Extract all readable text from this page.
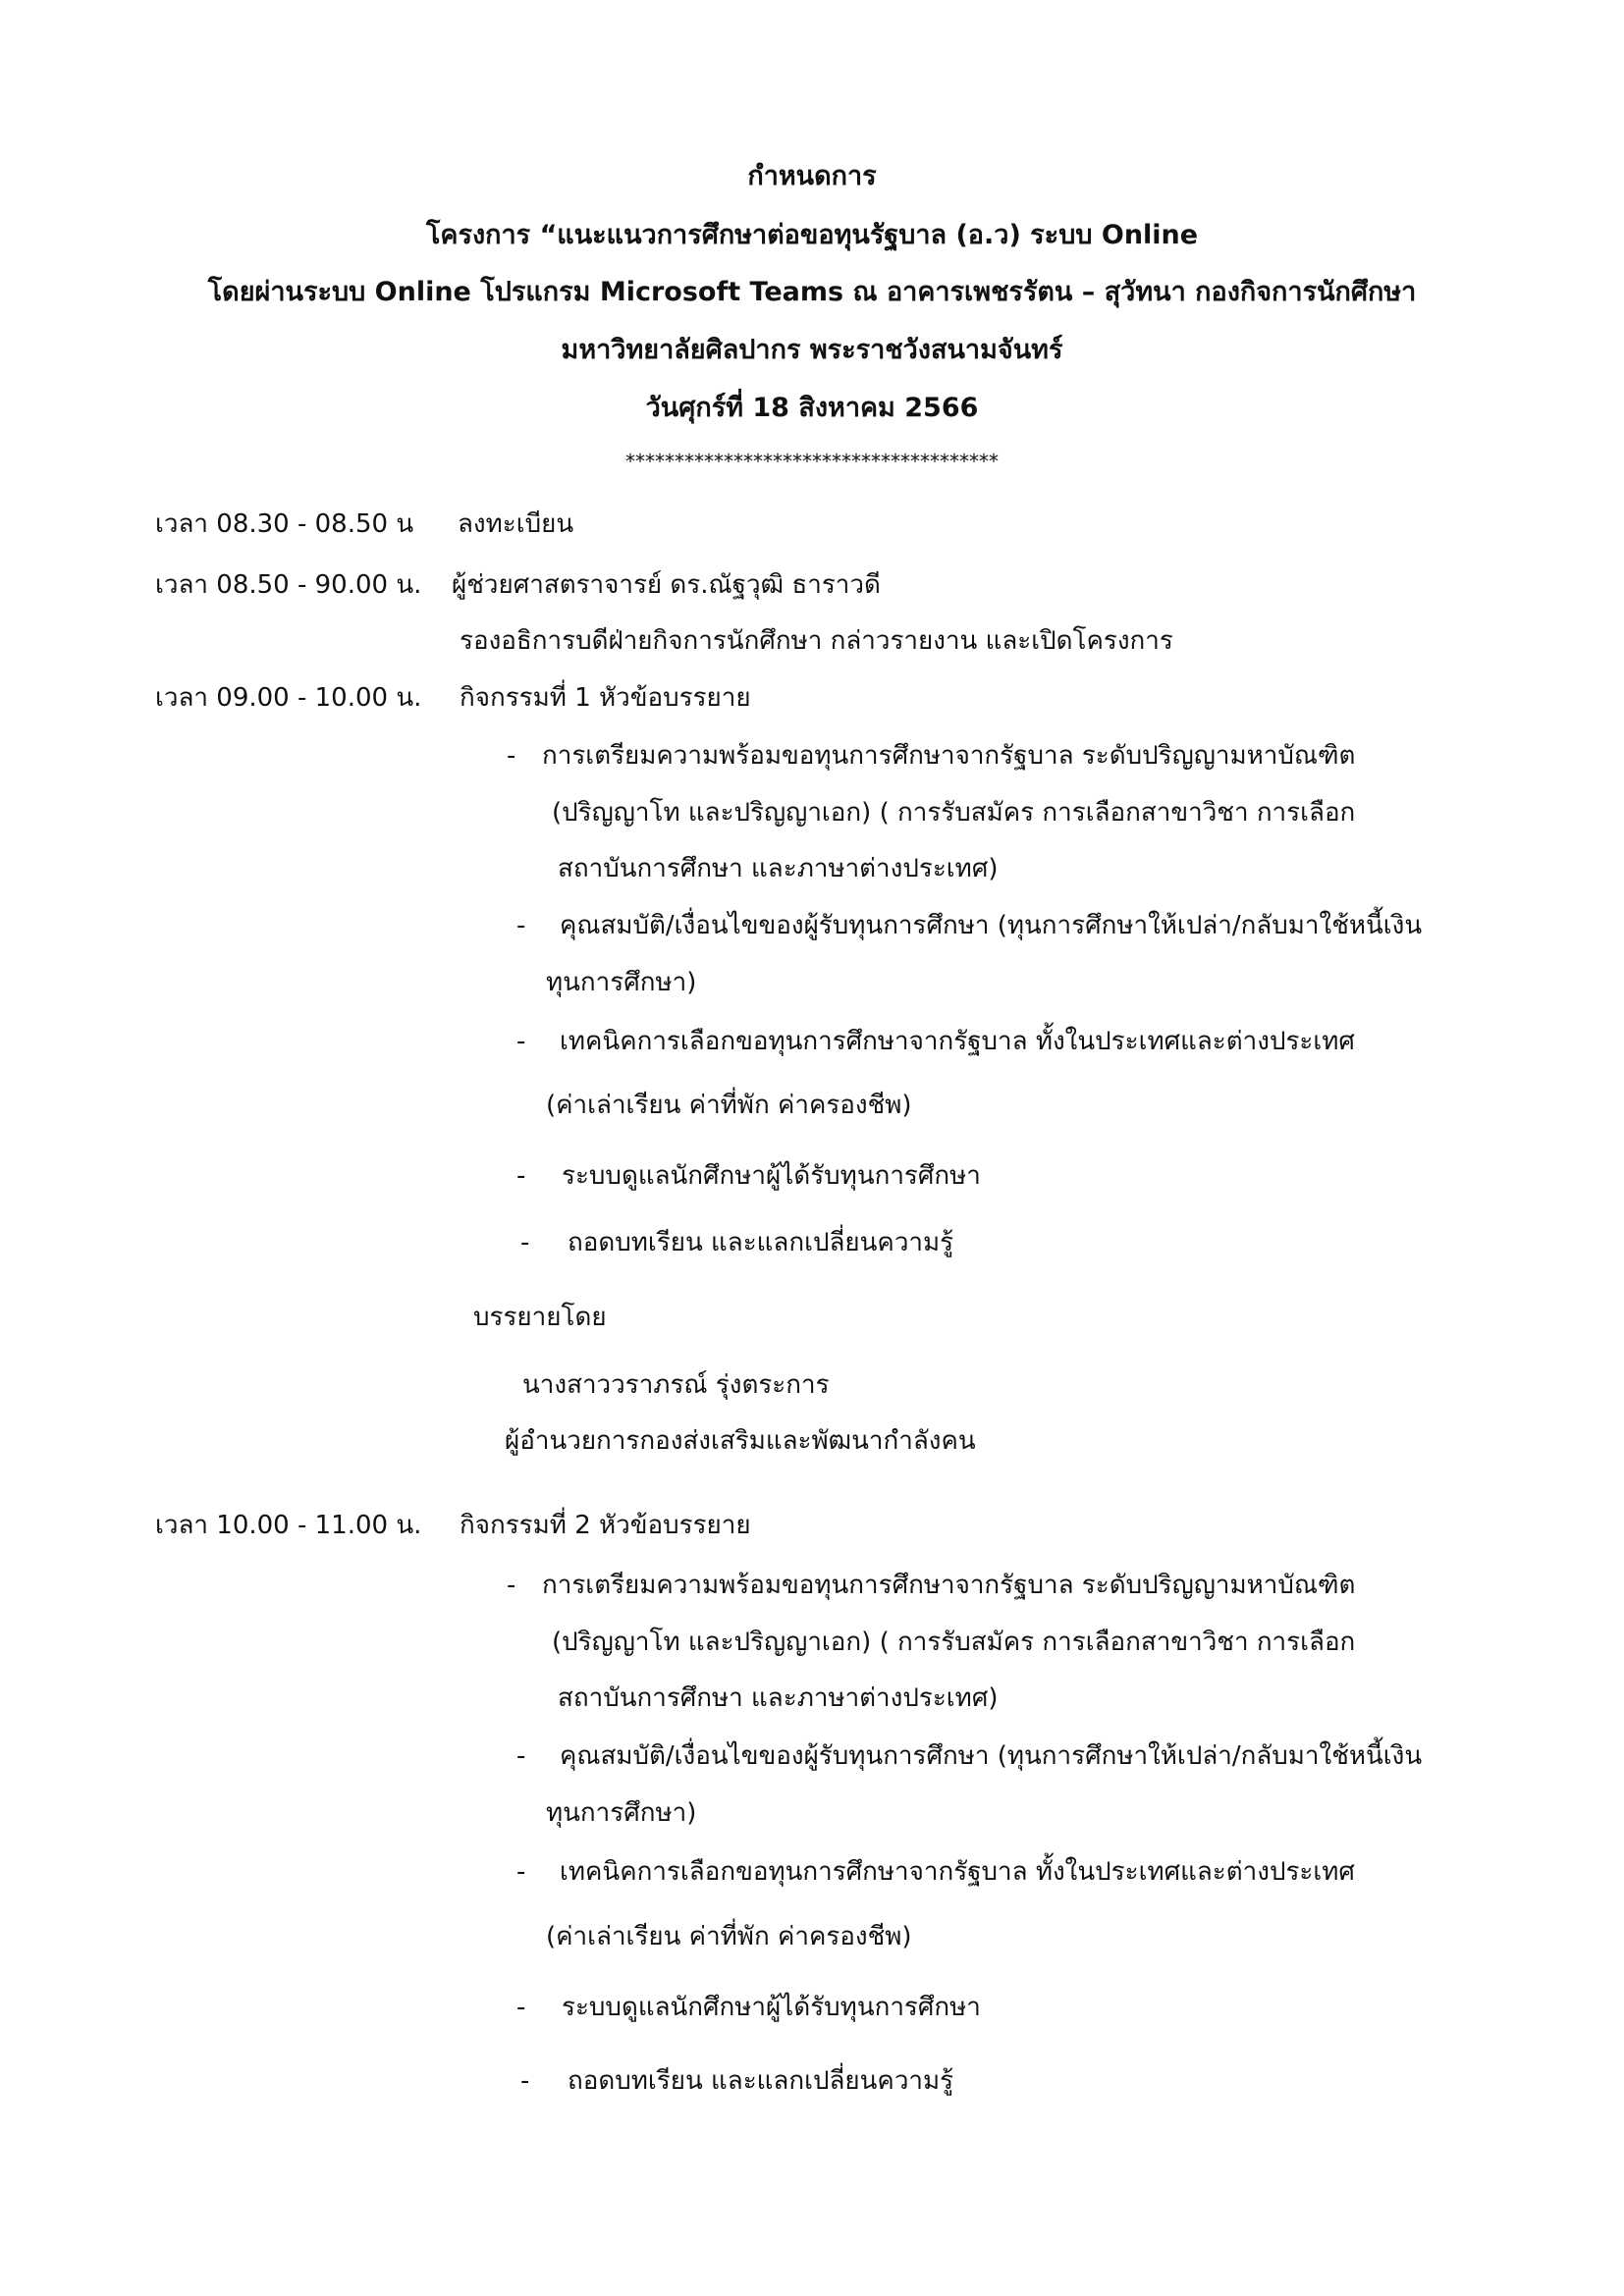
กำหนดการ
โครงการ “แนะแนวการศึกษาต่อขอทุนรัฐบาล (อ.ว) ระบบ Online
โดยผ่านระบบ Online โปรแกรม Microsoft Teams ณ อาคารเพชรรัตน – สุวัทนา กองกิจการนักศึกษา
มหาวิทยาลัยศิลปากร พระราชวังสนามจันทร์
วันศุกร์ที่ 18 สิงหาคม 2566
**************************************
เวลา 08.30 - 08.50 น ลงทะเบียน
เวลา 08.50 - 90.00 น. ผู้ช่วยศาสตราจารย์ ดร.ณัฐวุฒิ ธาราวดี
รองอธิการบดีฝ่ายกิจการนักศึกษา กล่าวรายงาน และเปิดโครงการ
เวลา 09.00 - 10.00 น. กิจกรรมที่ 1 หัวข้อบรรยาย
- การเตรียมความพร้อมขอทุนการศึกษาจากรัฐบาล ระดับปริญญามหาบัณฑิต
(ปริญญาโท และปริญญาเอก) ( การรับสมัคร การเลือกสาขาวิชา การเลือก
สถาบันการศึกษา และภาษาต่างประเทศ)
- คุณสมบัติ/เงื่อนไขของผู้รับทุนการศึกษา (ทุนการศึกษาให้เปล่า/กลับมาใช้หนี้เงิน
ทุนการศึกษา)
- เทคนิคการเลือกขอทุนการศึกษาจากรัฐบาล ทั้งในประเทศและต่างประเทศ
(ค่าเล่าเรียน ค่าที่พัก ค่าครองชีพ)
- ระบบดูแลนักศึกษาผู้ได้รับทุนการศึกษา
- ถอดบทเรียน และแลกเปลี่ยนความรู้
บรรยายโดย
นางสาววราภรณ์ รุ่งตระการ
ผู้อำนวยการกองส่งเสริมและพัฒนากำลังคน
เวลา 10.00 - 11.00 น. กิจกรรมที่ 2 หัวข้อบรรยาย
- การเตรียมความพร้อมขอทุนการศึกษาจากรัฐบาล ระดับปริญญามหาบัณฑิต
(ปริญญาโท และปริญญาเอก) ( การรับสมัคร การเลือกสาขาวิชา การเลือก
สถาบันการศึกษา และภาษาต่างประเทศ)
- คุณสมบัติ/เงื่อนไขของผู้รับทุนการศึกษา (ทุนการศึกษาให้เปล่า/กลับมาใช้หนี้เงิน
ทุนการศึกษา)
- เทคนิคการเลือกขอทุนการศึกษาจากรัฐบาล ทั้งในประเทศและต่างประเทศ
(ค่าเล่าเรียน ค่าที่พัก ค่าครองชีพ)
- ระบบดูแลนักศึกษาผู้ได้รับทุนการศึกษา
- ถอดบทเรียน และแลกเปลี่ยนความรู้
